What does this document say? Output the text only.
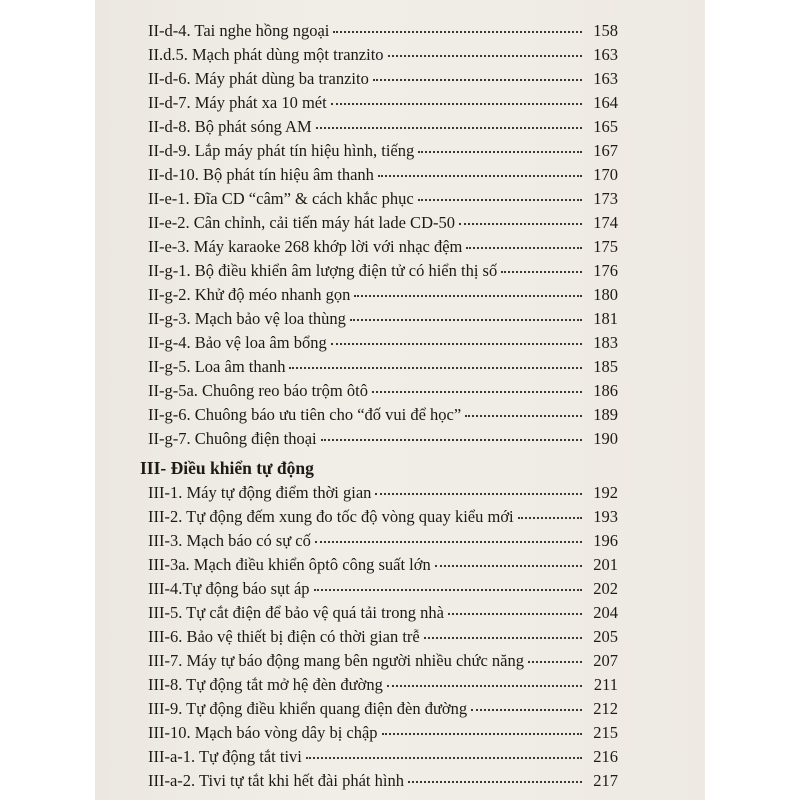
II-d-4. Tai nghe hồng ngoại	158
II.d.5. Mạch phát dùng một tranzito	163
II-d-6. Máy phát dùng ba tranzito	163
II-d-7. Máy phát xa 10 mét	164
II-d-8. Bộ phát sóng AM	165
II-d-9. Lắp máy phát tín hiệu hình, tiếng	167
II-d-10. Bộ phát tín hiệu âm thanh	170
II-e-1. Đĩa CD “câm” & cách khắc phục	173
II-e-2. Cân chỉnh, cải tiến máy hát lade CD-50	174
II-e-3. Máy karaoke 268 khớp lời với nhạc đệm	175
II-g-1. Bộ điều khiển âm lượng điện tử có hiển thị số	176
II-g-2. Khử độ méo nhanh gọn	180
II-g-3. Mạch bảo vệ loa thùng	181
II-g-4. Bảo vệ loa âm bổng	183
II-g-5. Loa âm thanh	185
II-g-5a. Chuông reo báo trộm ôtô	186
II-g-6. Chuông báo ưu tiên cho “đố vui để học”	189
II-g-7. Chuông điện thoại	190
III- Điều khiển tự động
III-1. Máy tự động điểm thời gian	192
III-2. Tự động đếm xung đo tốc độ vòng quay kiểu mới	193
III-3. Mạch báo có sự cố	196
III-3a. Mạch điều khiển ôptô công suất lớn	201
III-4.Tự động báo sụt áp	202
III-5. Tự cắt điện để bảo vệ quá tải trong nhà	204
III-6. Bảo vệ thiết bị điện có thời gian trễ	205
III-7. Máy tự báo động mang bên người nhiều chức năng	207
III-8. Tự động tắt mở hệ đèn đường	211
III-9. Tự động điều khiển quang điện đèn đường	212
III-10. Mạch báo vòng dây bị chập	215
III-a-1. Tự động tắt tivi	216
III-a-2. Tivi tự tắt khi hết đài phát hình	217
